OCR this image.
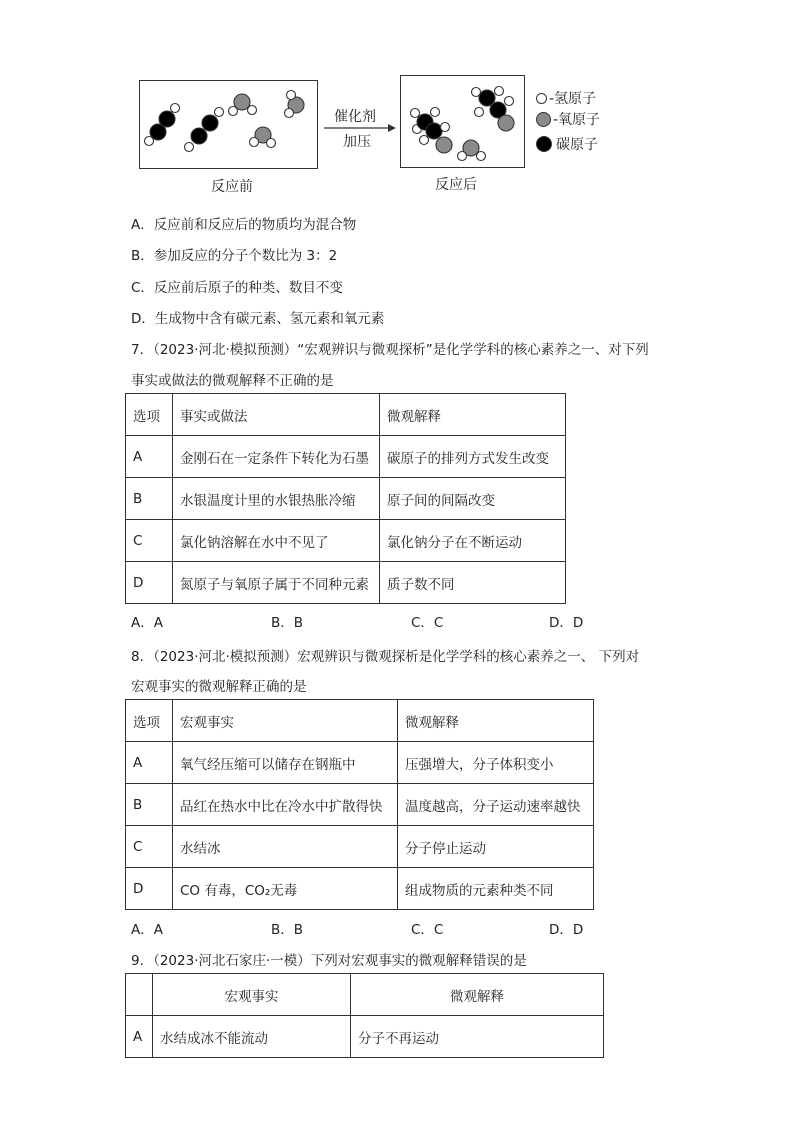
催化剂
加压
反应前	反应后
-氢原子
-氧原子
碳原子
A．反应前和反应后的物质均为混合物
B．参加反应的分子个数比为 3：2
C．反应前后原子的种类、数目不变
D．生成物中含有碳元素、氢元素和氧元素
7．（2023·河北·模拟预测）“宏观辨识与微观探析”是化学学科的核心素养之一、对下列
事实或做法的微观解释不正确的是
选项	事实或做法	微观解释
A	金刚石在一定条件下转化为石墨	碳原子的排列方式发生改变
B	水银温度计里的水银热胀冷缩	原子间的间隔改变
C	氯化钠溶解在水中不见了	氯化钠分子在不断运动
D	氮原子与氧原子属于不同种元素	质子数不同
A．A	B．B	C．C	D．D
8．（2023·河北·模拟预测）宏观辨识与微观探析是化学学科的核心素养之一、 下列对
宏观事实的微观解释正确的是
选项	宏观事实	微观解释
A	氧气经压缩可以储存在钢瓶中	压强增大，分子体积变小
B	品红在热水中比在冷水中扩散得快	温度越高，分子运动速率越快
C	水结冰	分子停止运动
D	CO 有毒，CO₂无毒	组成物质的元素种类不同
A．A	B．B	C．C	D．D
9．（2023·河北石家庄·一模）下列对宏观事实的微观解释错误的是
	宏观事实	微观解释
A	水结成冰不能流动	分子不再运动
